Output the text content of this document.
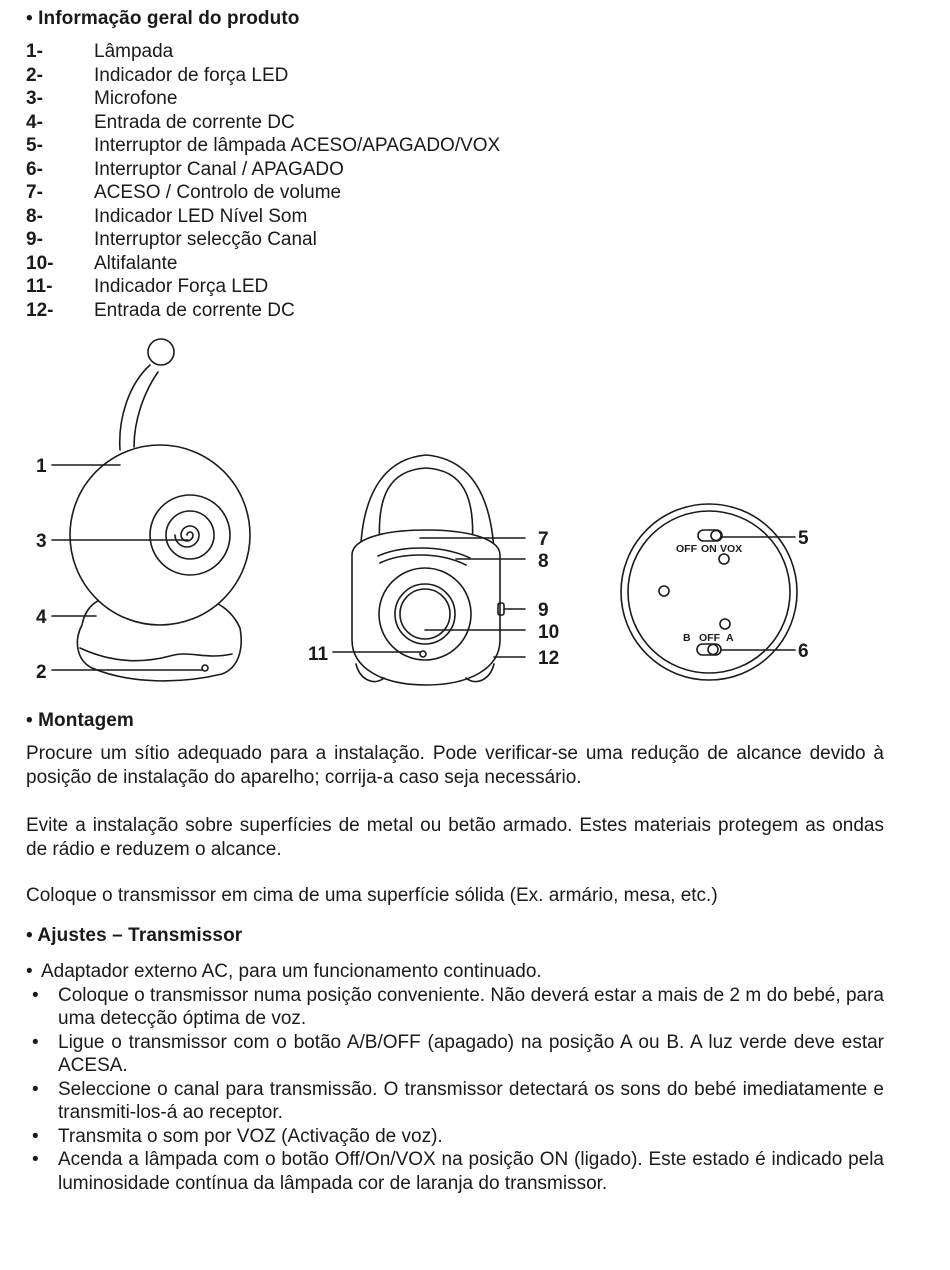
• Informação geral do produto
1-	Lâmpada
2-	Indicador de força LED
3-	Microfone
4-	Entrada de corrente DC
5-	Interruptor de lâmpada ACESO/APAGADO/VOX
6-	Interruptor Canal / APAGADO
7-	ACESO / Controlo de volume
8-	Indicador LED Nível Som
9-	Interruptor selecção Canal
10-	Altifalante
11-	Indicador Força LED
12-	Entrada de corrente DC
1
3
4
2
7
8
9
10
12
11
5
6
OFF ON VOX
B OFF A
• Montagem

Procure um sítio adequado para a instalação. Pode verificar-se uma redução de alcance devido à posição de instalação do aparelho; corrija-a caso seja necessário.

Evite a instalação sobre superfícies de metal ou betão armado. Estes materiais protegem as ondas de rádio e reduzem o alcance.

Coloque o transmissor em cima de uma superfície sólida (Ex. armário, mesa, etc.)

• Ajustes – Transmissor
• Adaptador externo AC, para um funcionamento continuado.
• Coloque o transmissor numa posição conveniente. Não deverá estar a mais de 2 m do bebé, para uma detecção óptima de voz.
• Ligue o transmissor com o botão A/B/OFF (apagado) na posição A ou B. A luz verde deve estar ACESA.
• Seleccione o canal para transmissão. O transmissor detectará os sons do bebé imediatamente e transmiti-los-á ao receptor.
• Transmita o som por VOZ (Activação de voz).
• Acenda a lâmpada com o botão Off/On/VOX na posição ON (ligado). Este estado é indicado pela luminosidade contínua da lâmpada cor de laranja do transmissor.
